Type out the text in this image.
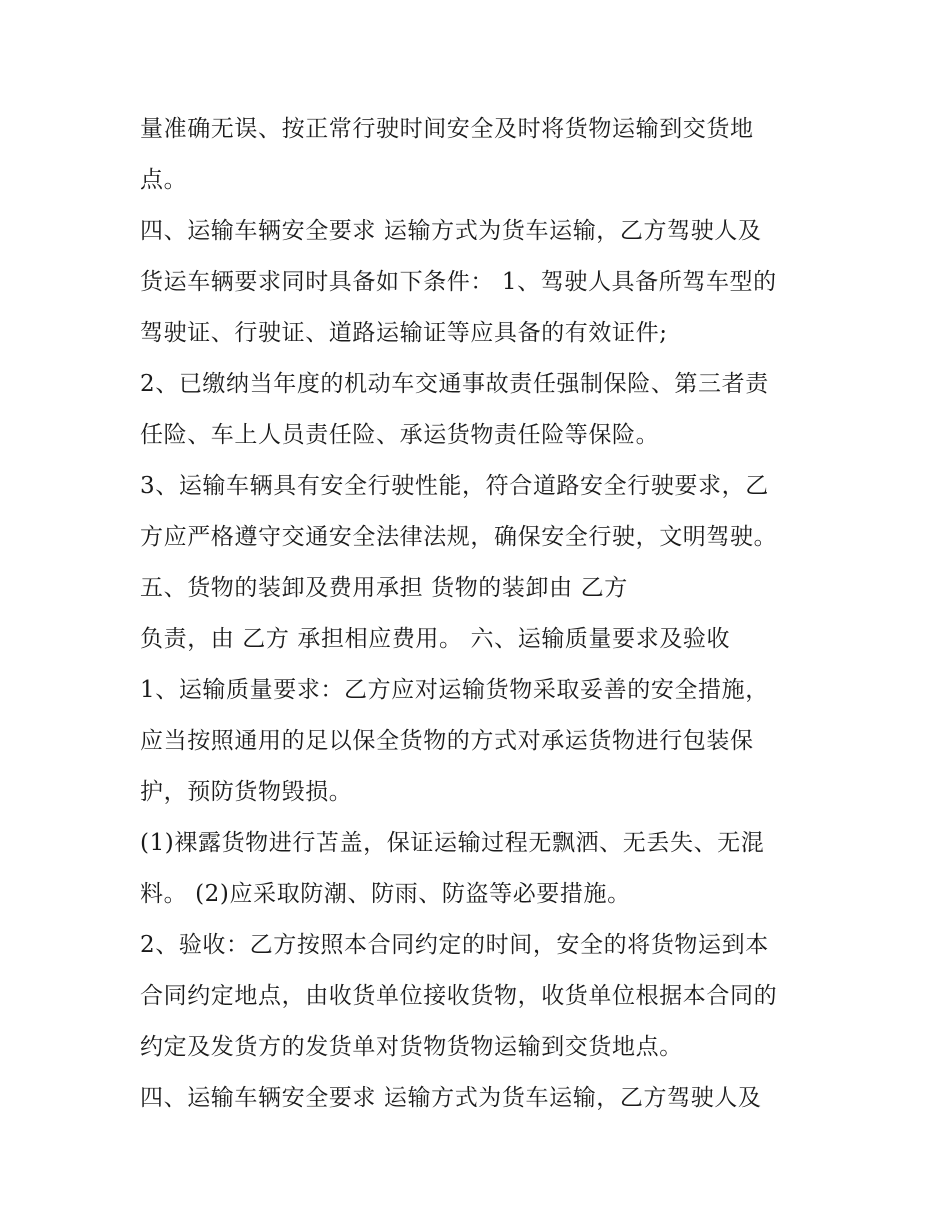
量准确无误、按正常行驶时间安全及时将货物运输到交货地
点。
四、运输车辆安全要求 运输方式为货车运输，乙方驾驶人及
货运车辆要求同时具备如下条件： 1、驾驶人具备所驾车型的
驾驶证、行驶证、道路运输证等应具备的有效证件;
2、已缴纳当年度的机动车交通事故责任强制保险、第三者责
任险、车上人员责任险、承运货物责任险等保险。
3、运输车辆具有安全行驶性能，符合道路安全行驶要求，乙
方应严格遵守交通安全法律法规，确保安全行驶，文明驾驶。
五、货物的装卸及费用承担 货物的装卸由 乙方
负责，由 乙方 承担相应费用。 六、运输质量要求及验收
1、运输质量要求：乙方应对运输货物采取妥善的安全措施，
应当按照通用的足以保全货物的方式对承运货物进行包装保
护，预防货物毁损。
(1)裸露货物进行苫盖，保证运输过程无飘洒、无丢失、无混
料。 (2)应采取防潮、防雨、防盗等必要措施。
2、验收：乙方按照本合同约定的时间，安全的将货物运到本
合同约定地点，由收货单位接收货物，收货单位根据本合同的
约定及发货方的发货单对货物货物运输到交货地点。
四、运输车辆安全要求 运输方式为货车运输，乙方驾驶人及
